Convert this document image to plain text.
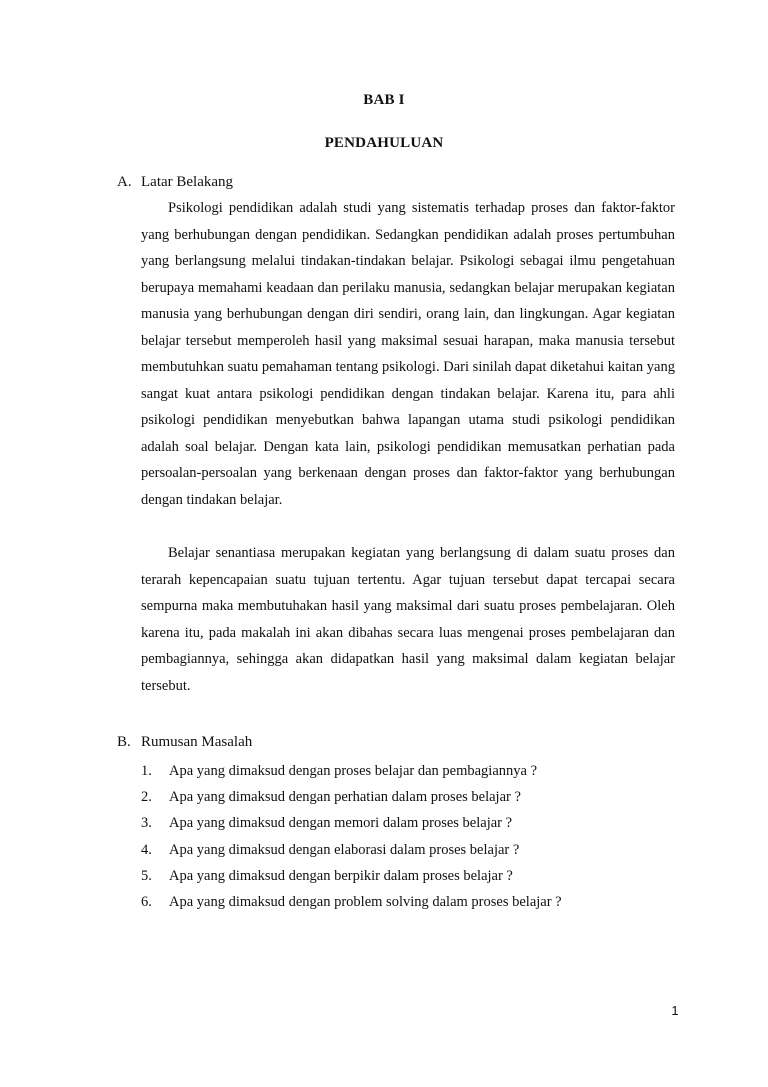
BAB I
PENDAHULUAN
A. Latar Belakang

Psikologi pendidikan adalah studi yang sistematis terhadap proses dan faktor-faktor yang berhubungan dengan pendidikan. Sedangkan pendidikan adalah proses pertumbuhan yang berlangsung melalui tindakan-tindakan belajar. Psikologi sebagai ilmu pengetahuan berupaya memahami keadaan dan perilaku manusia, sedangkan belajar merupakan kegiatan manusia yang berhubungan dengan diri sendiri, orang lain, dan lingkungan. Agar kegiatan belajar tersebut memperoleh hasil yang maksimal sesuai harapan, maka manusia tersebut membutuhkan suatu pemahaman tentang psikologi. Dari sinilah dapat diketahui kaitan yang sangat kuat antara psikologi pendidikan dengan tindakan belajar. Karena itu, para ahli psikologi pendidikan menyebutkan bahwa lapangan utama studi psikologi pendidikan adalah soal belajar. Dengan kata lain, psikologi pendidikan memusatkan perhatian pada persoalan-persoalan yang berkenaan dengan proses dan faktor-faktor yang berhubungan dengan tindakan belajar.

Belajar senantiasa merupakan kegiatan yang berlangsung di dalam suatu proses dan terarah kepencapaian suatu tujuan tertentu. Agar tujuan tersebut dapat tercapai secara sempurna maka membutuhakan hasil yang maksimal dari suatu proses pembelajaran. Oleh karena itu, pada makalah ini akan dibahas secara luas mengenai proses pembelajaran dan pembagiannya, sehingga akan didapatkan hasil yang maksimal dalam kegiatan belajar tersebut.

B. Rumusan Masalah
1. Apa yang dimaksud dengan proses belajar dan pembagiannya ?
2. Apa yang dimaksud dengan perhatian dalam proses belajar ?
3. Apa yang dimaksud dengan memori dalam proses belajar ?
4. Apa yang dimaksud dengan elaborasi dalam proses belajar ?
5. Apa yang dimaksud dengan berpikir dalam proses belajar ?
6. Apa yang dimaksud dengan problem solving dalam proses belajar ?
1
